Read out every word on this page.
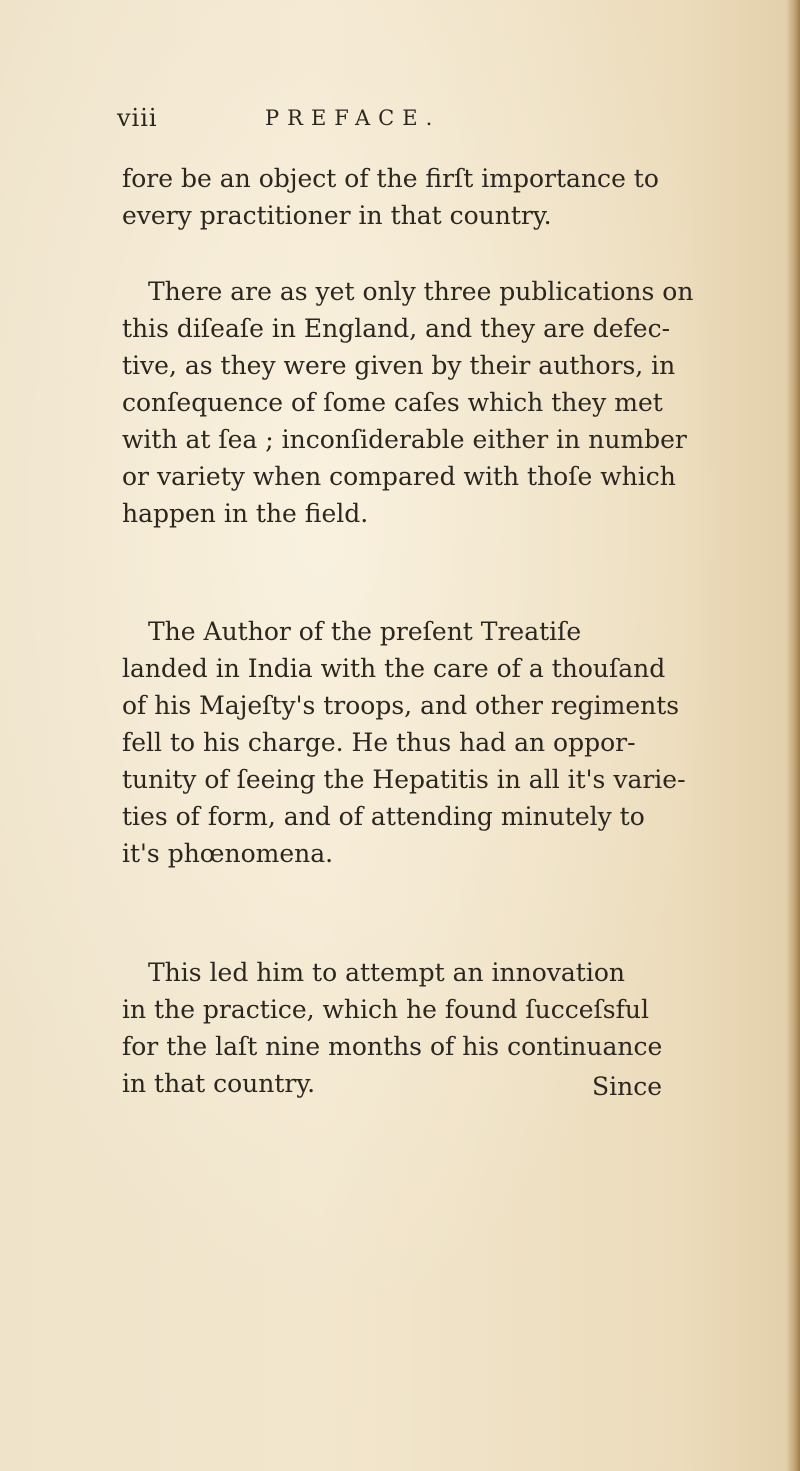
viii	PREFACE.
fore be an object of the firſt importance to
every practitioner in that country.
There are as yet only three publications on
this diſeaſe in England, and they are defec-
tive, as they were given by their authors, in
conſequence of ſome caſes which they met
with at ſea ; inconſiderable either in number
or variety when compared with thoſe which
happen in the field.
The Author of the preſent Treatiſe
landed in India with the care of a thouſand
of his Majeſty's troops, and other regiments
fell to his charge. He thus had an oppor-
tunity of ſeeing the Hepatitis in all it's varie-
ties of form, and of attending minutely to
it's phœnomena.
This led him to attempt an innovation
in the practice, which he found ſucceſsful
for the laſt nine months of his continuance
in that country.	Since
